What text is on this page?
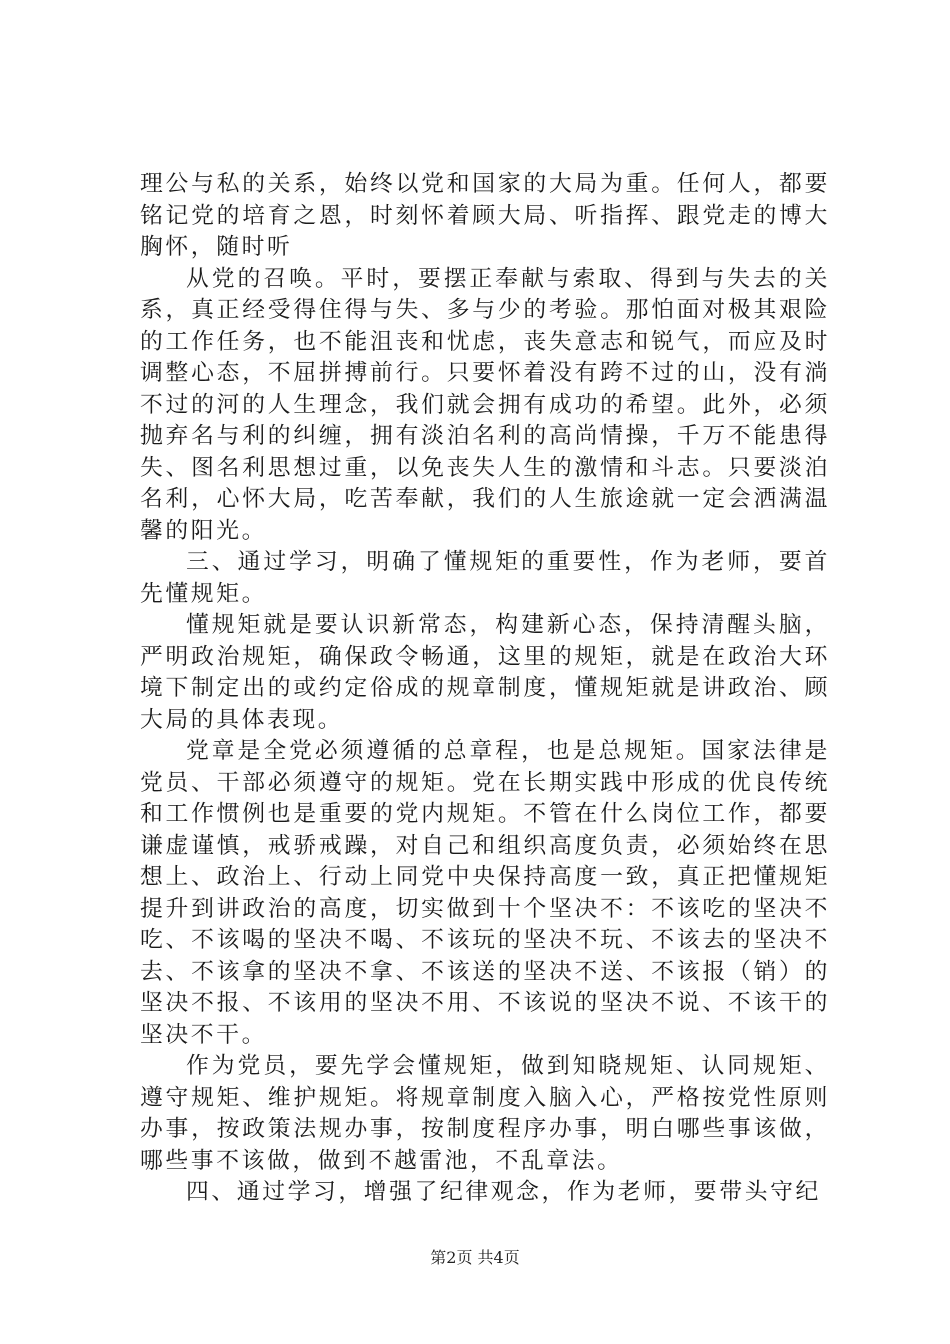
理公与私的关系，始终以党和国家的大局为重。任何人，都要铭记党的培育之恩，时刻怀着顾大局、听指挥、跟党走的博大胸怀，随时听

从党的召唤。平时，要摆正奉献与索取、得到与失去的关系，真正经受得住得与失、多与少的考验。那怕面对极其艰险的工作任务，也不能沮丧和忧虑，丧失意志和锐气，而应及时调整心态，不屈拼搏前行。只要怀着没有跨不过的山，没有淌不过的河的人生理念，我们就会拥有成功的希望。此外，必须抛弃名与利的纠缠，拥有淡泊名利的高尚情操，千万不能患得失、图名利思想过重，以免丧失人生的激情和斗志。只要淡泊名利，心怀大局，吃苦奉献，我们的人生旅途就一定会洒满温馨的阳光。

三、通过学习，明确了懂规矩的重要性，作为老师，要首先懂规矩。

懂规矩就是要认识新常态，构建新心态，保持清醒头脑，严明政治规矩，确保政令畅通，这里的规矩，就是在政治大环境下制定出的或约定俗成的规章制度，懂规矩就是讲政治、顾大局的具体表现。

党章是全党必须遵循的总章程，也是总规矩。国家法律是党员、干部必须遵守的规矩。党在长期实践中形成的优良传统和工作惯例也是重要的党内规矩。不管在什么岗位工作，都要谦虚谨慎，戒骄戒躁，对自己和组织高度负责，必须始终在思想上、政治上、行动上同党中央保持高度一致，真正把懂规矩提升到讲政治的高度，切实做到十个坚决不：不该吃的坚决不吃、不该喝的坚决不喝、不该玩的坚决不玩、不该去的坚决不去、不该拿的坚决不拿、不该送的坚决不送、不该报（销）的坚决不报、不该用的坚决不用、不该说的坚决不说、不该干的坚决不干。

作为党员，要先学会懂规矩，做到知晓规矩、认同规矩、遵守规矩、维护规矩。将规章制度入脑入心，严格按党性原则办事，按政策法规办事，按制度程序办事，明白哪些事该做，哪些事不该做，做到不越雷池，不乱章法。

四、通过学习，增强了纪律观念，作为老师，要带头守纪

第2页 共4页
